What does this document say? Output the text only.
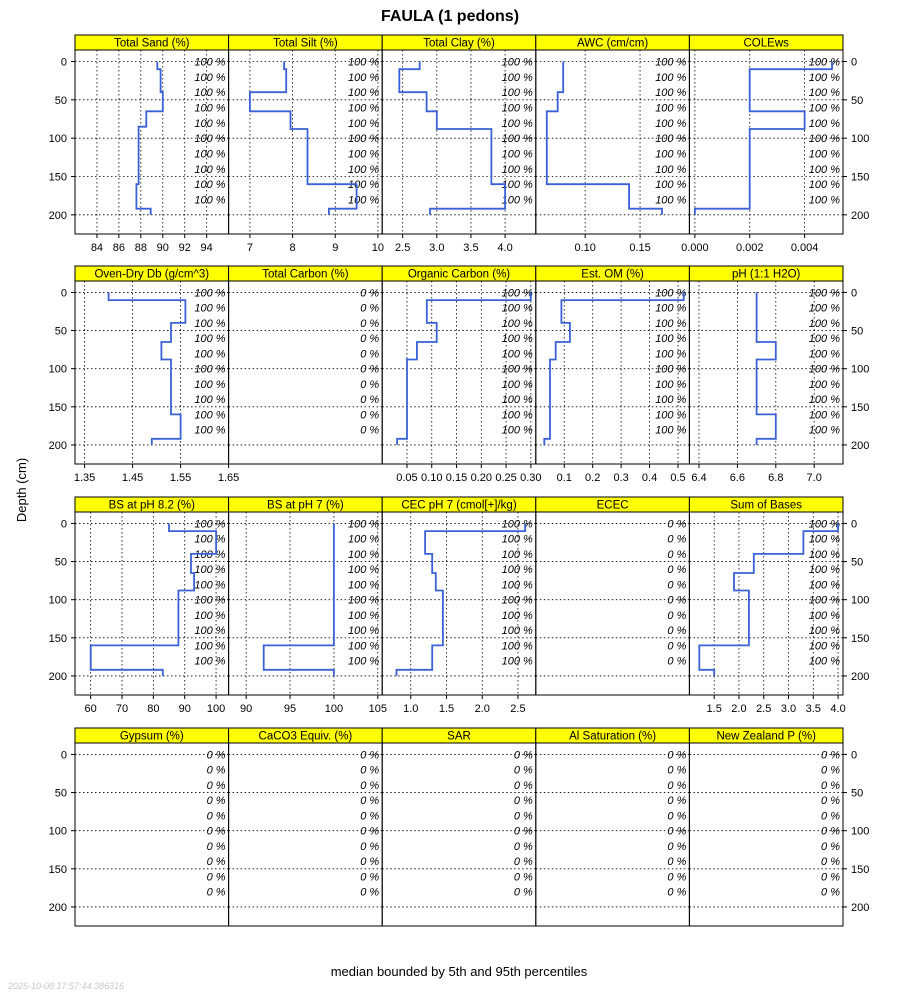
FAULA (1 pedons)
Depth (cm)
Total Sand (%)
100 %
100 %
100 %
100 %
100 %
100 %
100 %
100 %
100 %
100 %
84 86 88 90 92 94
0
50
100
150
200
Total Silt (%)
100 %
100 %
100 %
100 %
100 %
100 %
100 %
100 %
100 %
100 %
7	8	9	10
Total Clay (%)
100 %
100 %
100 %
100 %
100 %
100 %
100 %
100 %
100 %
100 %
2.5 3.0 3.5 4.0
AWC (cm/cm)
100 %
100 %
100 %
100 %
100 %
100 %
100 %
100 %
100 %
100 %
0.10	0.15
COLEws
100 %
100 %
100 %
100 %
100 %
100 %
100 %
100 %
100 %
100 %
0.000 0.002 0.004
0
50
100
150
200
Oven-Dry Db (g/cm^3)
100 %
100 %
100 %
100 %
100 %
100 %
100 %
100 %
100 %
100 %
1.35 1.45 1.55 1.65
0
50
100
150
200
Total Carbon (%)
0 %
0 %
0 %
0 %
0 %
0 %
0 %
0 %
0 %
0 %
Organic Carbon (%)
100 %
100 %
100 %
100 %
100 %
100 %
100 %
100 %
100 %
100 %
0.05 0.10 0.15 0.20 0.25 0.30
Est. OM (%)
100 %
100 %
100 %
100 %
100 %
100 %
100 %
100 %
100 %
100 %
0.1 0.2 0.3 0.4 0.5
pH (1:1 H2O)
100 %
100 %
100 %
100 %
100 %
100 %
100 %
100 %
100 %
100 %
6.4 6.6 6.8 7.0
0
50
100
150
200
BS at pH 8.2 (%)
100 %
100 %
100 %
100 %
100 %
100 %
100 %
100 %
100 %
100 %
60 70 80 90 100
0
50
100
150
200
BS at pH 7 (%)
100 %
100 %
100 %
100 %
100 %
100 %
100 %
100 %
100 %
100 %
90	95	100 105
CEC pH 7 (cmol[+]/kg)
100 %
100 %
100 %
100 %
100 %
100 %
100 %
100 %
100 %
100 %
1.0 1.5 2.0 2.5
ECEC
0 %
0 %
0 %
0 %
0 %
0 %
0 %
0 %
0 %
0 %
Sum of Bases
100 %
100 %
100 %
100 %
100 %
100 %
100 %
100 %
100 %
100 %
1.5 2.0 2.5 3.0 3.5 4.0
0
50
100
150
200
Gypsum (%)
0 %
0 %
0 %
0 %
0 %
0 %
0 %
0 %
0 %
0 %
0
50
100
150
200
CaCO3 Equiv. (%)
0 %
0 %
0 %
0 %
0 %
0 %
0 %
0 %
0 %
0 %
SAR
0 %
0 %
0 %
0 %
0 %
0 %
0 %
0 %
0 %
0 %
Al Saturation (%)
0 %
0 %
0 %
0 %
0 %
0 %
0 %
0 %
0 %
0 %
New Zealand P (%)
0 %
0 %
0 %
0 %
0 %
0 %
0 %
0 %
0 %
0 %
0
50
100
150
200
median bounded by 5th and 95th percentiles
2025-10-08 17:57:44.386316
